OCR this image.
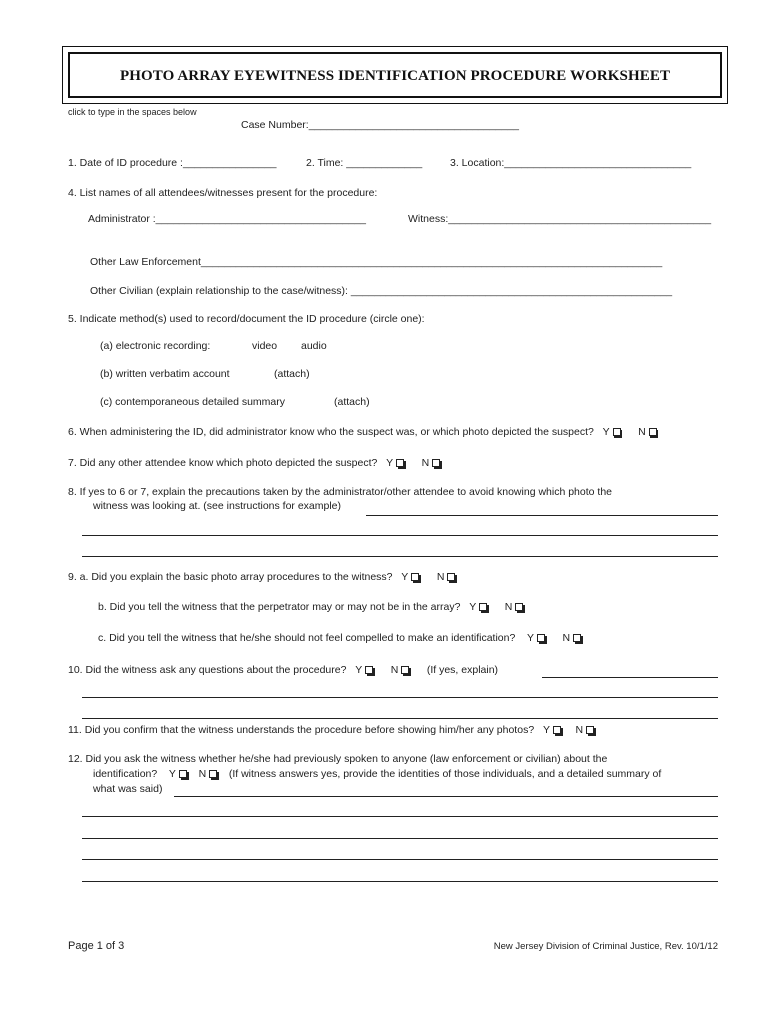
PHOTO ARRAY EYEWITNESS IDENTIFICATION PROCEDURE WORKSHEET
click to type in the spaces below
Case Number:____________________________________
1. Date of ID procedure :________________	2. Time: _____________	3. Location:________________________________
4. List names of all attendees/witnesses present for the procedure:
Administrator :____________________________________	Witness:_____________________________________________
Other Law Enforcement_______________________________________________________________________________
Other Civilian (explain relationship to the case/witness): _______________________________________________________
5. Indicate method(s) used to record/document the ID procedure (circle one):
(a) electronic recording:	video audio
(b) written verbatim account	(attach)
(c) contemporaneous detailed summary	(attach)
6. When administering the ID, did administrator know who the suspect was, or which photo depicted the suspect? Y	N
7. Did any other attendee know which photo depicted the suspect? Y	N
8. If yes to 6 or 7, explain the precautions taken by the administrator/other attendee to avoid knowing which photo the
witness was looking at. (see instructions for example)
9. a. Did you explain the basic photo array procedures to the witness? Y	N
b. Did you tell the witness that the perpetrator may or may not be in the array? Y	N
c. Did you tell the witness that he/she should not feel compelled to make an identification? Y	N
10. Did the witness ask any questions about the procedure? Y	N	(If yes, explain)
11. Did you confirm that the witness understands the procedure before showing him/her any photos? Y N
12. Did you ask the witness whether he/she had previously spoken to anyone (law enforcement or civilian) about the
identification? Y N (If witness answers yes, provide the identities of those individuals, and a detailed summary of
what was said)
Page 1 of 3	New Jersey Division of Criminal Justice, Rev. 10/1/12
